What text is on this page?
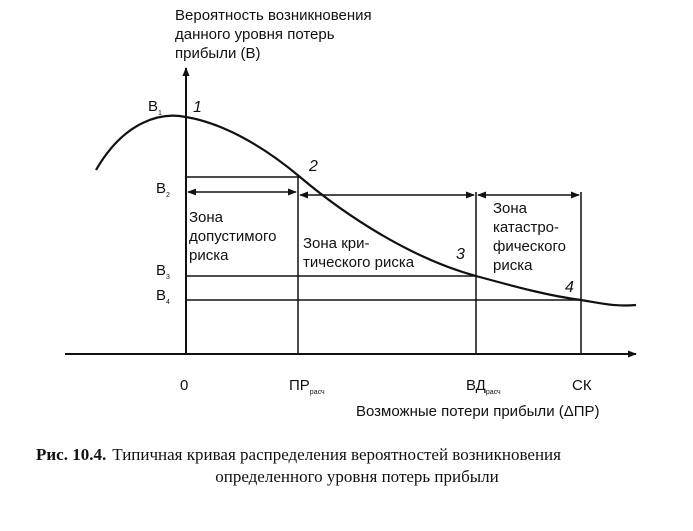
Вероятность возникновения
данного уровня потерь
прибыли (В)
$В_1$
$В_2$
$В_3$
$В_4$
1
2
3
4
Зона
допустимого
риска
Зона кри-
тического риска
Зона
катастро-
фического
риска
0	$ПР_{расч}$	$ВД_{расч}$	СК
Возможные потери прибыли (ΔПР)
Рис. 10.4. Типичная кривая распределения вероятностей возникновения
определенного уровня потерь прибыли
